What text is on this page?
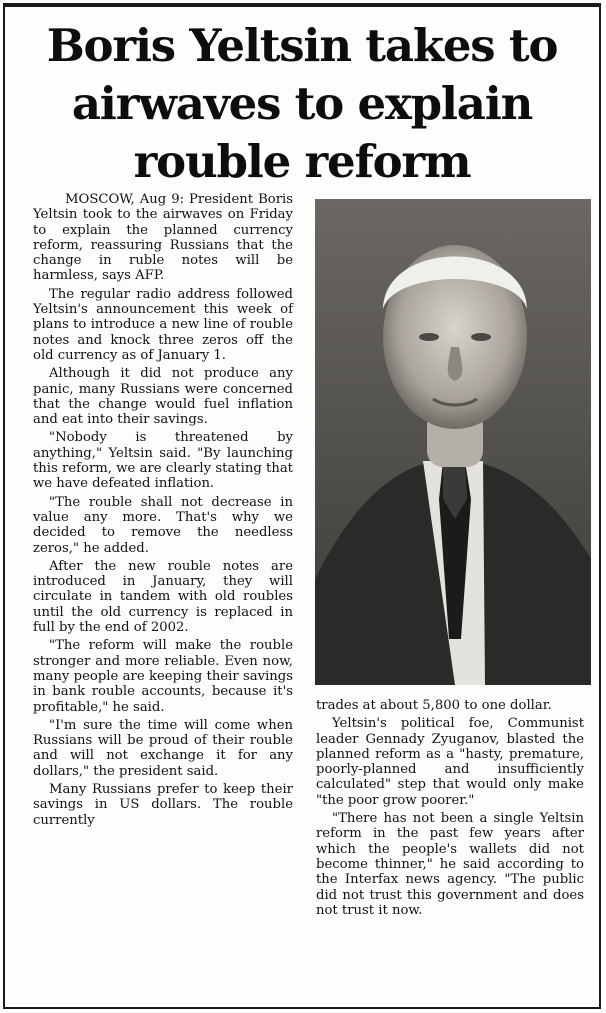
Boris Yeltsin takes to airwaves to explain rouble reform

MOSCOW, Aug 9: President Boris Yeltsin took to the airwaves on Friday to explain the planned currency reform, reassuring Russians that the change in ruble notes will be harmless, says AFP.

The regular radio address followed Yeltsin's announcement this week of plans to introduce a new line of rouble notes and knock three zeros off the old currency as of January 1.

Although it did not produce any panic, many Russians were concerned that the change would fuel inflation and eat into their savings.

"Nobody is threatened by anything," Yeltsin said. "By launching this reform, we are clearly stating that we have defeated inflation.

"The rouble shall not decrease in value any more. That's why we decided to remove the needless zeros," he added.

After the new rouble notes are introduced in January, they will circulate in tandem with old roubles until the old currency is replaced in full by the end of 2002.

"The reform will make the rouble stronger and more reliable. Even now, many people are keeping their savings in bank rouble accounts, because it's profitable," he said.

"I'm sure the time will come when Russians will be proud of their rouble and will not exchange it for any dollars," the president said.

Many Russians prefer to keep their savings in US dollars. The rouble currently

trades at about 5,800 to one dollar.

Yeltsin's political foe, Communist leader Gennady Zyuganov, blasted the planned reform as a "hasty, premature, poorly-planned and insufficiently calculated" step that would only make "the poor grow poorer."

"There has not been a single Yeltsin reform in the past few years after which the people's wallets did not become thinner," he said according to the Interfax news agency. "The public did not trust this government and does not trust it now.
